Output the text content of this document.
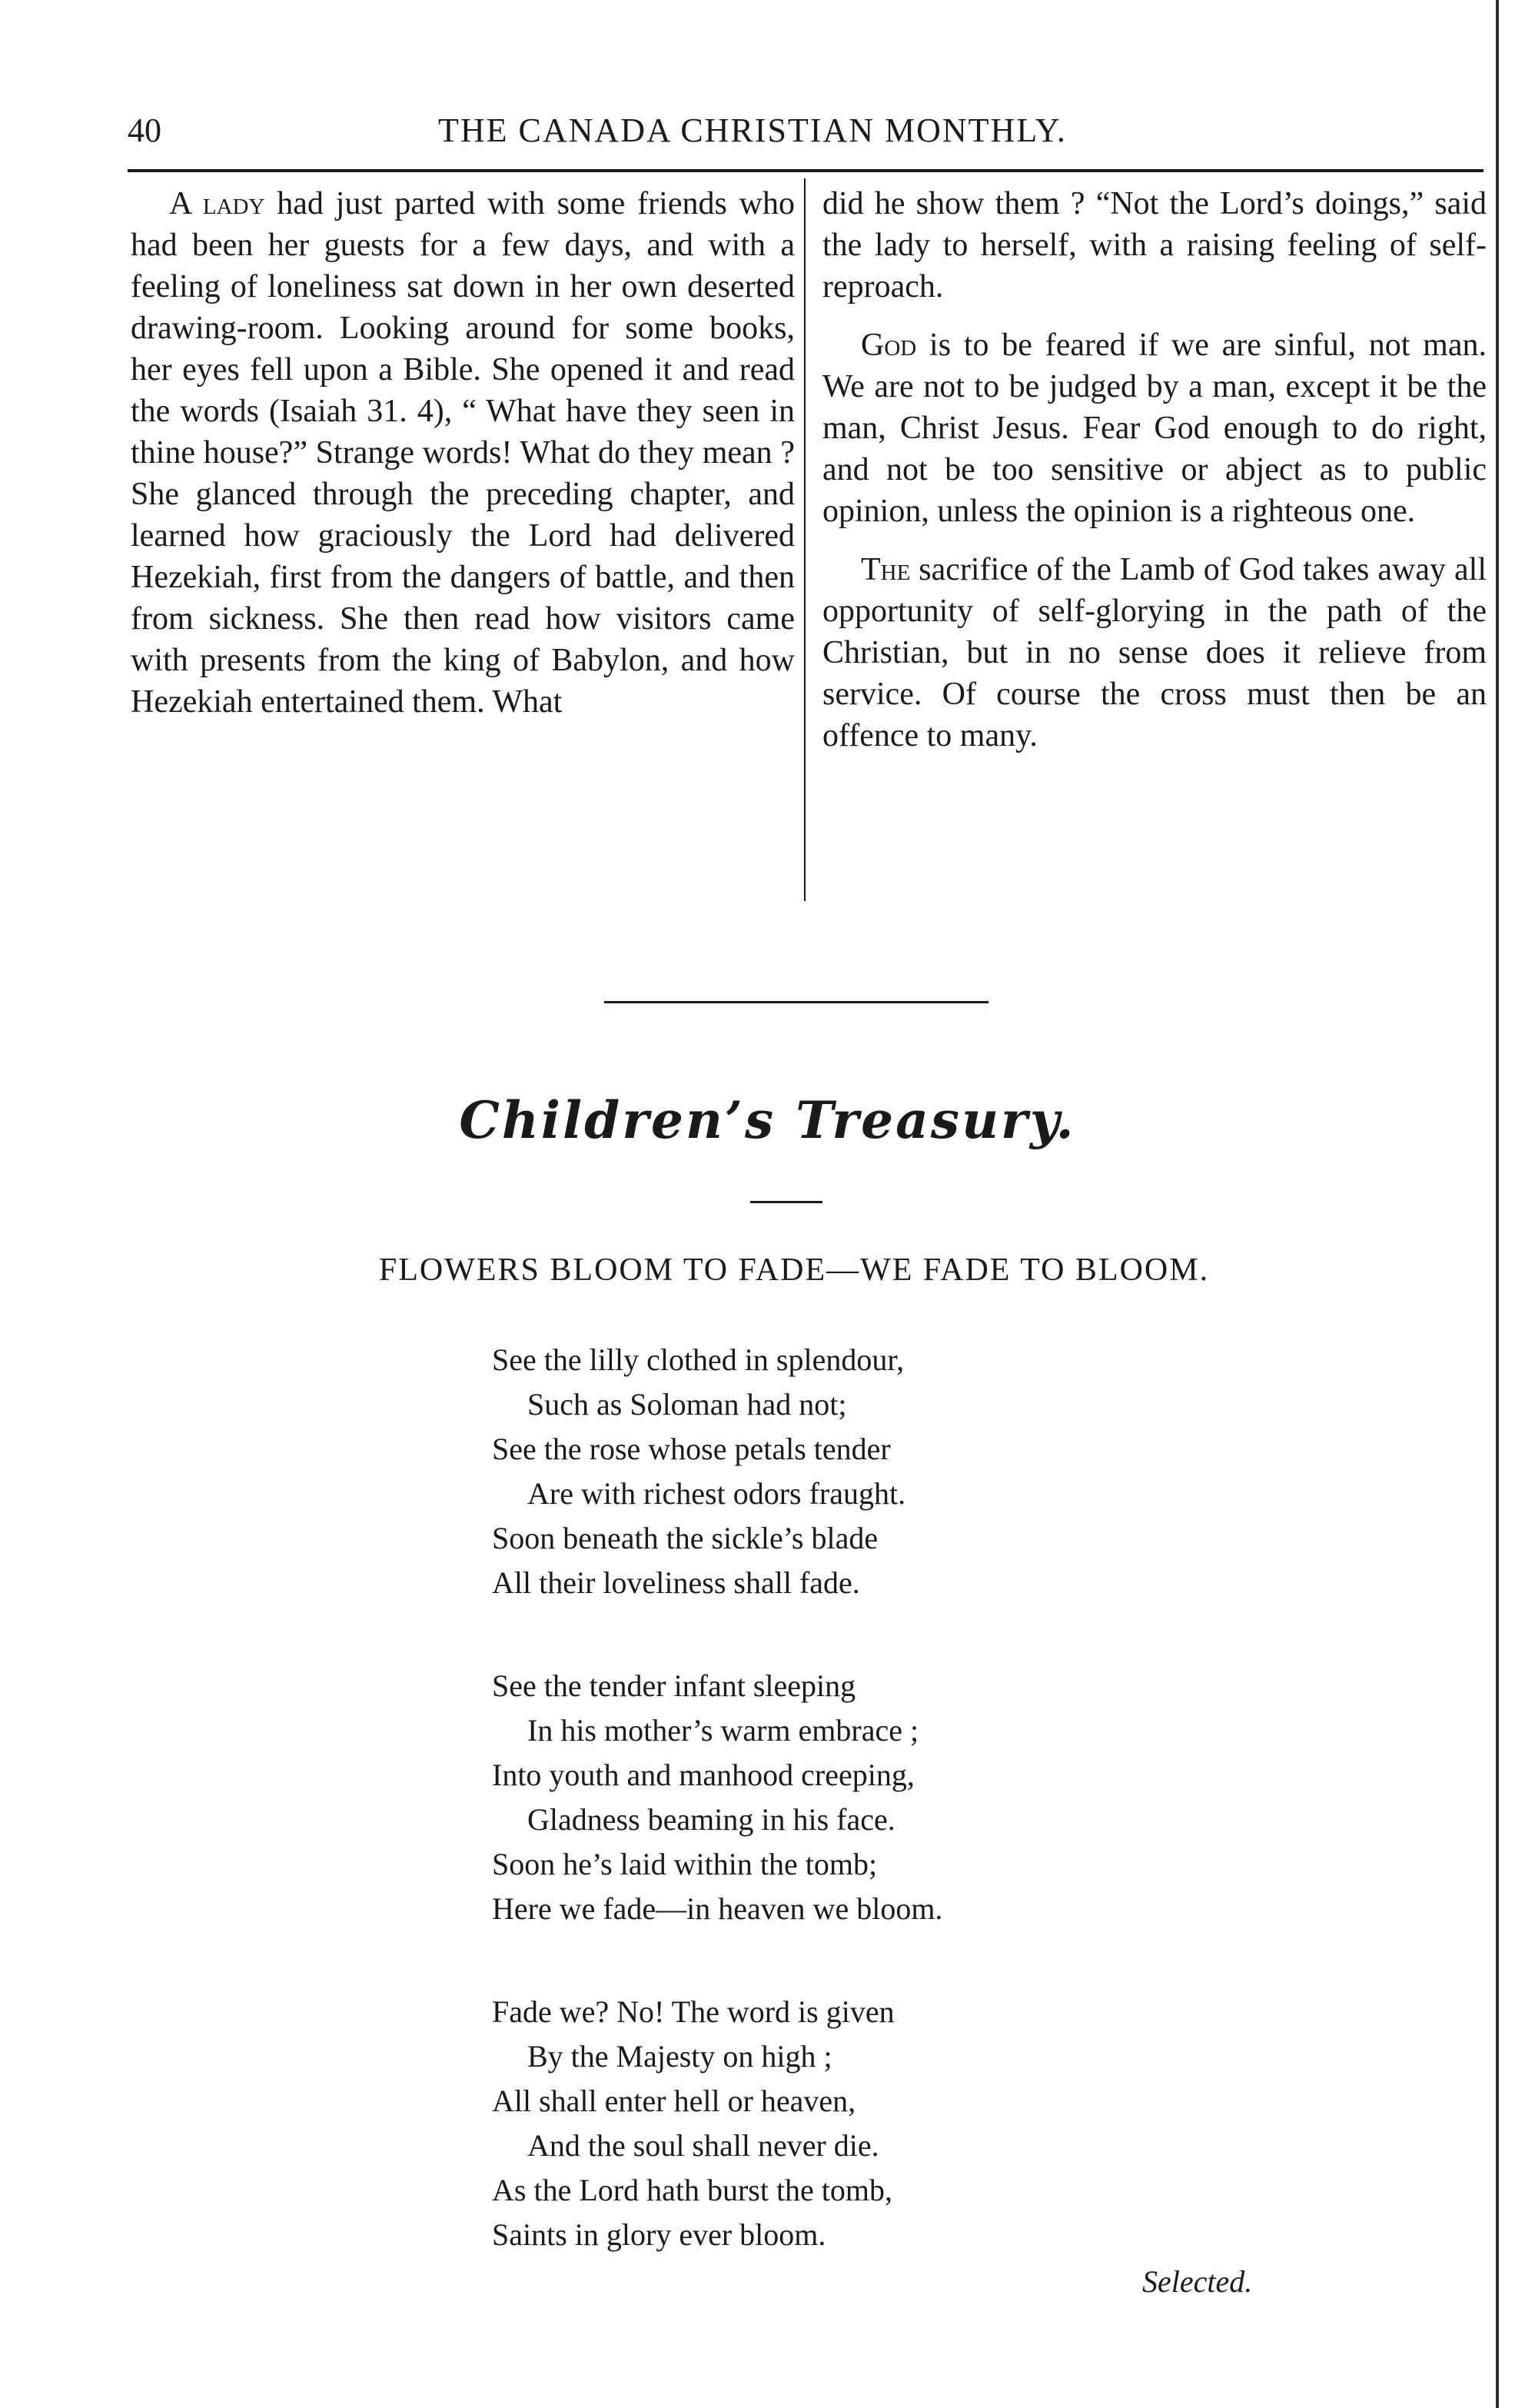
40	THE CANADA CHRISTIAN MONTHLY.

A lady had just parted with some friends who had been her guests for a few days, and with a feeling of loneliness sat down in her own deserted drawing-room. Looking around for some books, her eyes fell upon a Bible. She opened it and read the words (Isaiah 31. 4), “ What have they seen in thine house?” Strange words! What do they mean ? She glanced through the preceding chapter, and learned how graciously the Lord had delivered Hezekiah, first from the dangers of battle, and then from sickness. She then read how visitors came with presents from the king of Babylon, and how Hezekiah entertained them. What

did he show them ? “Not the Lord’s doings,” said the lady to herself, with a raising feeling of self-reproach.

God is to be feared if we are sinful, not man. We are not to be judged by a man, except it be the man, Christ Jesus. Fear God enough to do right, and not be too sensitive or abject as to public opinion, unless the opinion is a righteous one.

The sacrifice of the Lamb of God takes away all opportunity of self-glorying in the path of the Christian, but in no sense does it relieve from service. Of course the cross must then be an offence to many.

Children’s Treasury.
FLOWERS BLOOM TO FADE—WE FADE TO BLOOM.
See the lilly clothed in splendour,
Such as Soloman had not;
See the rose whose petals tender
Are with richest odors fraught.
Soon beneath the sickle’s blade
All their loveliness shall fade.
See the tender infant sleeping
In his mother’s warm embrace ;
Into youth and manhood creeping,
Gladness beaming in his face.
Soon he’s laid within the tomb;
Here we fade—in heaven we bloom.
Fade we? No! The word is given
By the Majesty on high ;
All shall enter hell or heaven,
And the soul shall never die.
As the Lord hath burst the tomb,
Saints in glory ever bloom.
Selected.
